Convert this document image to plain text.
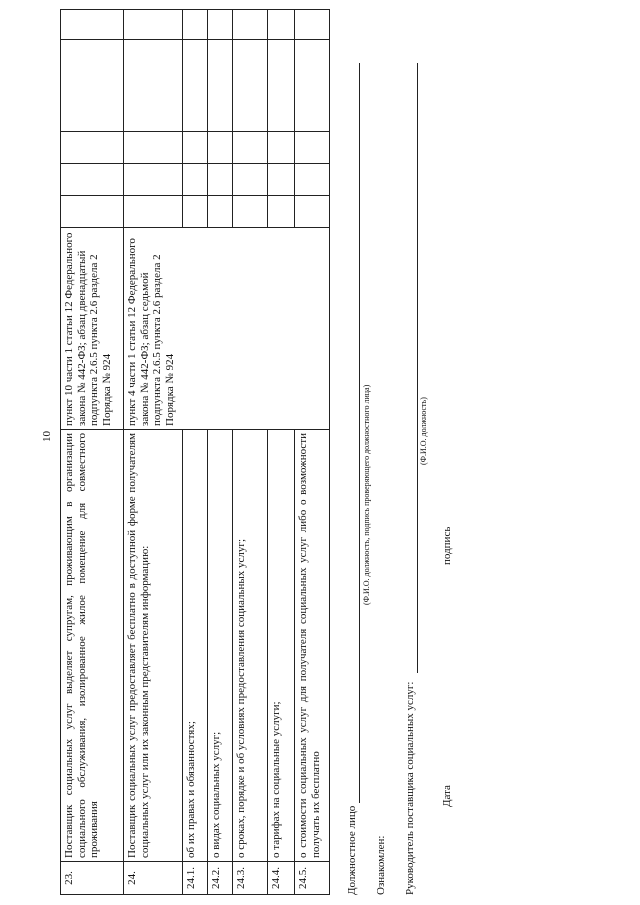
10
23.	Поставщик социальных услуг выделяет супругам, проживающим в организации социального обслуживания, изолированное жилое помещение для совместного проживания	пункт 10 части 1 статьи 12 Федерального закона № 442-ФЗ; абзац двенадцатый подпункта 2.6.5 пункта 2.6 раздела 2 Порядка № 924					
24.	Поставщик социальных услуг предоставляет бесплатно в доступной форме получателям социальных услуг или их законным представителям информацию:	пункт 4 части 1 статьи 12 Федерального закона № 442-ФЗ; абзац седьмой подпункта 2.6.5 пункта 2.6 раздела 2 Порядка № 924					
24.1.	об их правах и обязанностях;						
24.2.	о видах социальных услуг;						
24.3.	о сроках, порядке и об условиях предоставления социальных услуг;						
24.4.	о тарифах на социальные услуги;						
24.5.	о стоимости социальных услуг для получателя социальных услуг либо о возможности получать их бесплатно						Должностное лицо
(Ф.И.О. должность, подпись проверяющего должностного лица)
Ознакомлен: Руководитель поставщика социальных услуг:
(Ф.И.О. должность)
Дата
подпись
